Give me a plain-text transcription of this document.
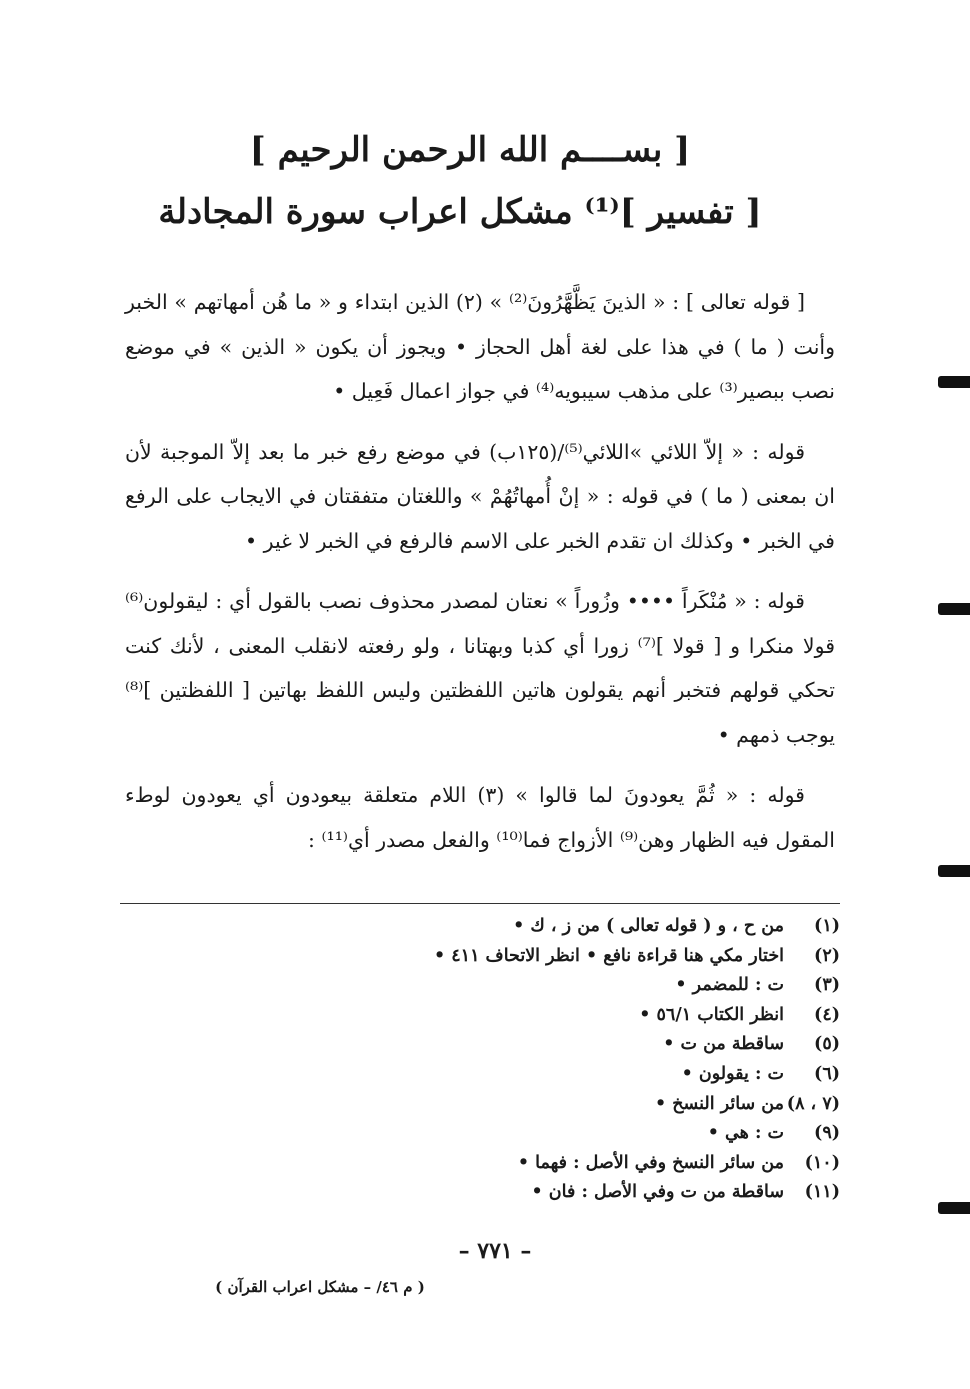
[ بســــم الله الرحمن الرحيم ]
[ تفسير ]⁽¹⁾ مشكل اعراب سورة المجادلة

[ قوله تعالى ] : « الذينَ يَظَّهَّرُونَ⁽²⁾ » (٢) الذين ابتداء و « ما هُن أمهاتهم » الخبر وأنت ( ما ) في هذا على لغة أهل الحجاز • ويجوز أن يكون « الذين » في موضع نصب ببصير⁽³⁾ على مذهب سيبويه⁽⁴⁾ في جواز اعمال فَعِيل •

قوله : « إلاّ اللائي »اللائي⁽⁵⁾/(١٢٥ب) في موضع رفع خبر ما بعد إلاّ الموجبة لأن ان بمعنى ( ما ) في قوله : « إنْ أُمهاتُهُمْ » واللغتان متفقتان في الايجاب على الرفع في الخبر • وكذلك ان تقدم الخبر على الاسم فالرفع في الخبر لا غير •

قوله : « مُنْكَراً •••• وزُوراً » نعتان لمصدر محذوف نصب بالقول أي : ليقولون⁽⁶⁾ قولا منكرا و [ قولا ]⁽⁷⁾ زورا أي كذبا وبهتانا ، ولو رفعته لانقلب المعنى ، لأنك كنت تحكي قولهم فتخبر أنهم يقولون هاتين اللفظتين وليس اللفظ بهاتين [ اللفظتين ]⁽⁸⁾ يوجب ذمهم •

قوله : « ثُمَّ يعودونَ لما قالوا » (٣) اللام متعلقة بيعودون أي يعودون لوطء المقول فيه الظهار وهن⁽⁹⁾ الأزواج فما⁽¹⁰⁾ والفعل مصدر أي⁽¹¹⁾ :

(١)من ح ، و ( قوله تعالى ) من ز ، ك •
(٢)اختار مكي هنا قراءة نافع • انظر الاتحاف ٤١١ •
(٣)ت : للمضمر •
(٤)انظر الكتاب ٥٦/١ •
(٥)ساقطة من ت •
(٦)ت : يقولون •
(٧ ، ٨)من سائر النسخ •
(٩)ت : هي •
(١٠)من سائر النسخ وفي الأصل : فهما •
(١١)ساقطة من ت وفي الأصل : فان •
– ٧٧١ –
( م ٤٦/ – مشكل اعراب القرآن )
